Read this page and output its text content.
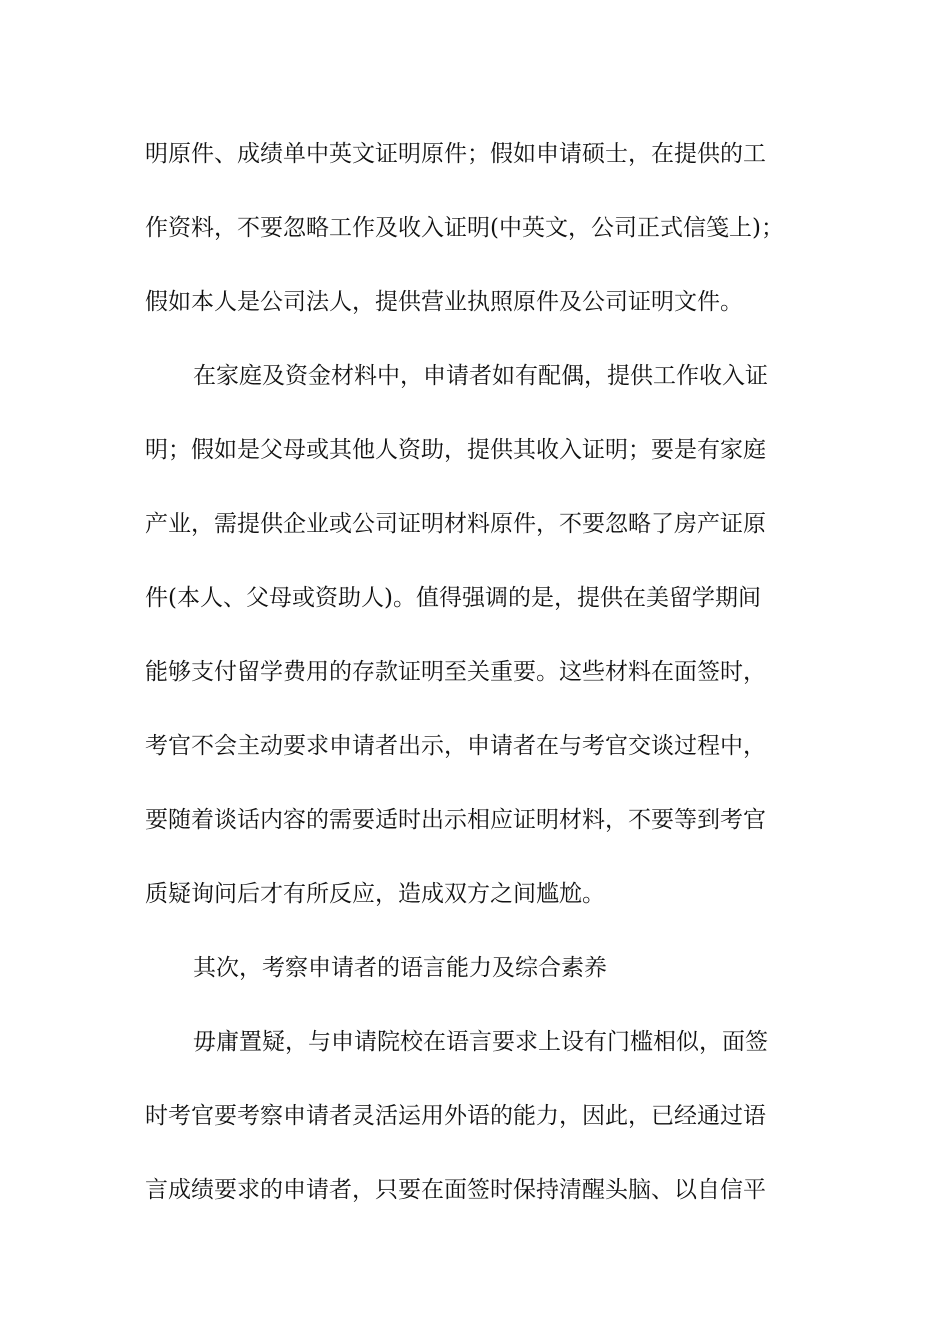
明原件、成绩单中英文证明原件；假如申请硕士，在提供的工
作资料，不要忽略工作及收入证明(中英文，公司正式信笺上)；
假如本人是公司法人，提供营业执照原件及公司证明文件。
在家庭及资金材料中，申请者如有配偶，提供工作收入证
明；假如是父母或其他人资助，提供其收入证明；要是有家庭
产业，需提供企业或公司证明材料原件，不要忽略了房产证原
件(本人、父母或资助人)。值得强调的是，提供在美留学期间
能够支付留学费用的存款证明至关重要。这些材料在面签时，
考官不会主动要求申请者出示，申请者在与考官交谈过程中，
要随着谈话内容的需要适时出示相应证明材料，不要等到考官
质疑询问后才有所反应，造成双方之间尴尬。
其次，考察申请者的语言能力及综合素养
毋庸置疑，与申请院校在语言要求上设有门槛相似，面签
时考官要考察申请者灵活运用外语的能力，因此，已经通过语
言成绩要求的申请者，只要在面签时保持清醒头脑、以自信平
